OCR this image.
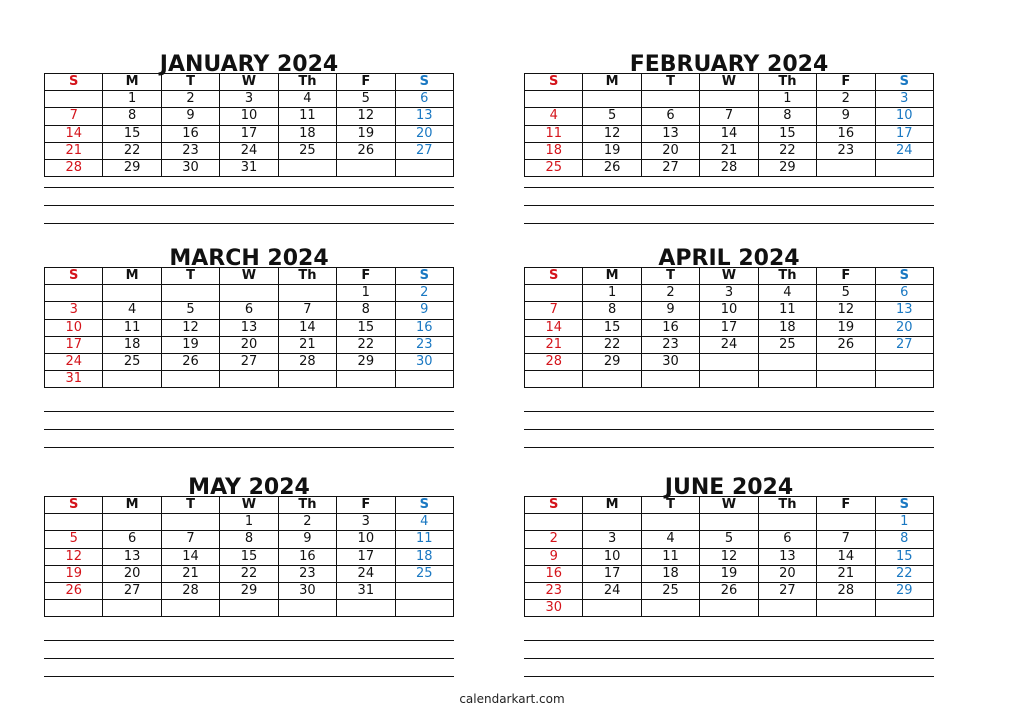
JANUARY 2024
S	M	T	W	Th	F	S
	1	2	3	4	5	6
7	8	9	10	11	12	13
14	15	16	17	18	19	20
21	22	23	24	25	26	27
28	29	30	31			
FEBRUARY 2024
S	M	T	W	Th	F	S
				1	2	3
4	5	6	7	8	9	10
11	12	13	14	15	16	17
18	19	20	21	22	23	24
25	26	27	28	29		
MARCH 2024
S	M	T	W	Th	F	S
					1	2
3	4	5	6	7	8	9
10	11	12	13	14	15	16
17	18	19	20	21	22	23
24	25	26	27	28	29	30
31						
APRIL 2024
S	M	T	W	Th	F	S
	1	2	3	4	5	6
7	8	9	10	11	12	13
14	15	16	17	18	19	20
21	22	23	24	25	26	27
28	29	30				

MAY 2024
S	M	T	W	Th	F	S
			1	2	3	4
5	6	7	8	9	10	11
12	13	14	15	16	17	18
19	20	21	22	23	24	25
26	27	28	29	30	31	

JUNE 2024
S	M	T	W	Th	F	S
						1
2	3	4	5	6	7	8
9	10	11	12	13	14	15
16	17	18	19	20	21	22
23	24	25	26	27	28	29
30						
calendarkart.com
